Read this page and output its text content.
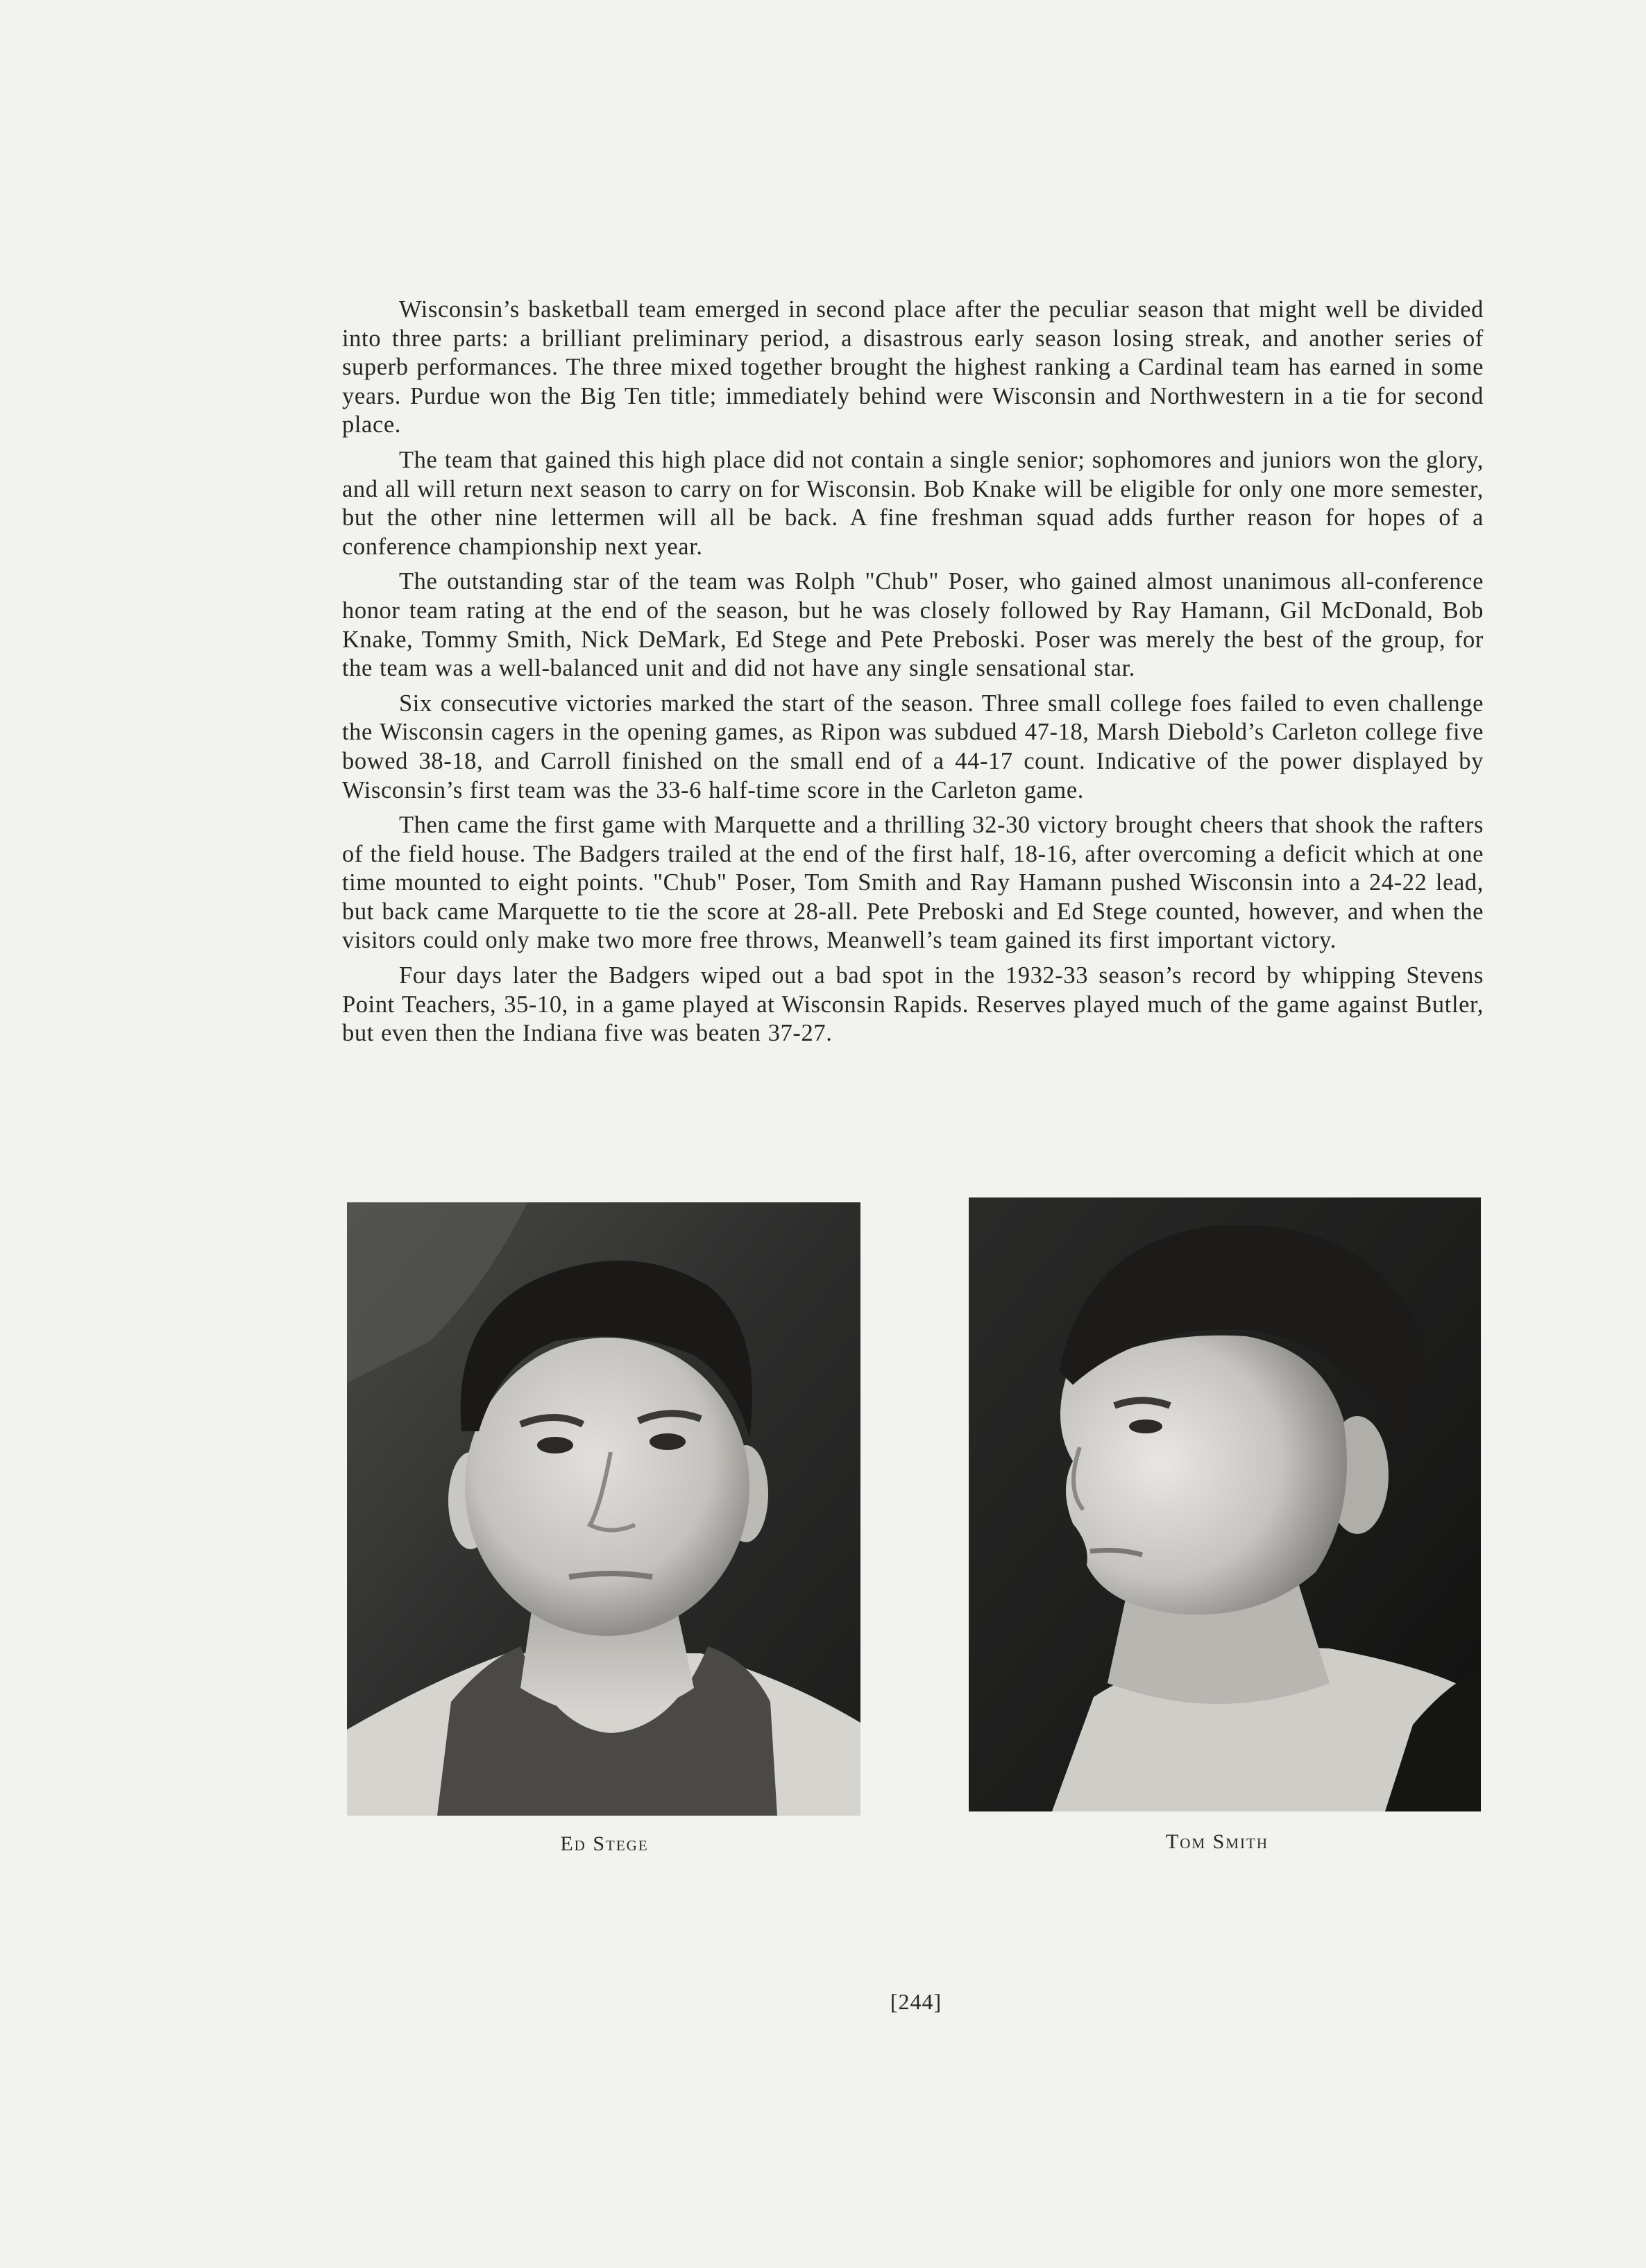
Wisconsin’s basketball team emerged in second place after the peculiar season that might well be divided into three parts: a brilliant preliminary period, a disastrous early season losing streak, and another series of superb performances. The three mixed together brought the highest ranking a Cardinal team has earned in some years. Purdue won the Big Ten title; immediately behind were Wisconsin and Northwestern in a tie for second place.

The team that gained this high place did not contain a single senior; sophomores and juniors won the glory, and all will return next season to carry on for Wisconsin. Bob Knake will be eligible for only one more semester, but the other nine lettermen will all be back. A fine freshman squad adds further reason for hopes of a conference championship next year.

The outstanding star of the team was Rolph "Chub" Poser, who gained almost unanimous all-conference honor team rating at the end of the season, but he was closely followed by Ray Hamann, Gil McDonald, Bob Knake, Tommy Smith, Nick DeMark, Ed Stege and Pete Preboski. Poser was merely the best of the group, for the team was a well-balanced unit and did not have any single sensational star.

Six consecutive victories marked the start of the season. Three small college foes failed to even challenge the Wisconsin cagers in the opening games, as Ripon was subdued 47-18, Marsh Diebold’s Carleton college five bowed 38-18, and Carroll finished on the small end of a 44-17 count. Indicative of the power displayed by Wisconsin’s first team was the 33-6 half-time score in the Carleton game.

Then came the first game with Marquette and a thrilling 32-30 victory brought cheers that shook the rafters of the field house. The Badgers trailed at the end of the first half, 18-16, after overcoming a deficit which at one time mounted to eight points. "Chub" Poser, Tom Smith and Ray Hamann pushed Wisconsin into a 24-22 lead, but back came Marquette to tie the score at 28-all. Pete Preboski and Ed Stege counted, however, and when the visitors could only make two more free throws, Meanwell’s team gained its first important victory.

Four days later the Badgers wiped out a bad spot in the 1932-33 season’s record by whipping Stevens Point Teachers, 35-10, in a game played at Wisconsin Rapids. Reserves played much of the game against Butler, but even then the Indiana five was beaten 37-27.

Ed Stege	Tom Smith
[244]
